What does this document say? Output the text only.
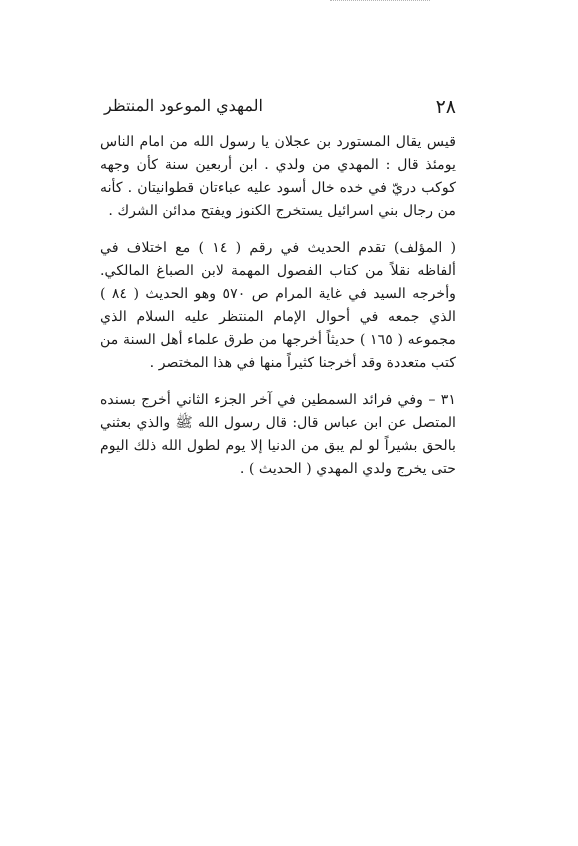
٢٨
المهدي الموعود المنتظر

قيس يقال المستورد بن عجلان يا رسول الله من امام الناس يومئذ قال : المهدي من ولدي . ابن أربعين سنة كأن وجهه كوكب دريّ في خده خال أسود عليه عباءتان قطوانيتان . كأنه من رجال بني اسرائيل يستخرج الكنوز ويفتح مدائن الشرك .

( المؤلف) تقدم الحديث في رقم ( ١٤ ) مع اختلاف في ألفاظه نقلاً من كتاب الفصول المهمة لابن الصباغ المالكي. وأخرجه السيد في غاية المرام ص ٥٧٠ وهو الحديث ( ٨٤ ) الذي جمعه في أحوال الإمام المنتظر عليه السلام الذي مجموعه ( ١٦٥ ) حديثاً أخرجها من طرق علماء أهل السنة من كتب متعددة وقد أخرجنا كثيراً منها في هذا المختصر .

٣١ – وفي فرائد السمطين في آخر الجزء الثاني أخرج بسنده المتصل عن ابن عباس قال: قال رسول الله ﷺ والذي بعثني بالحق بشيراً لو لم يبق من الدنيا إلا يوم لطول الله ذلك اليوم حتى يخرج ولدي المهدي ( الحديث ) .
